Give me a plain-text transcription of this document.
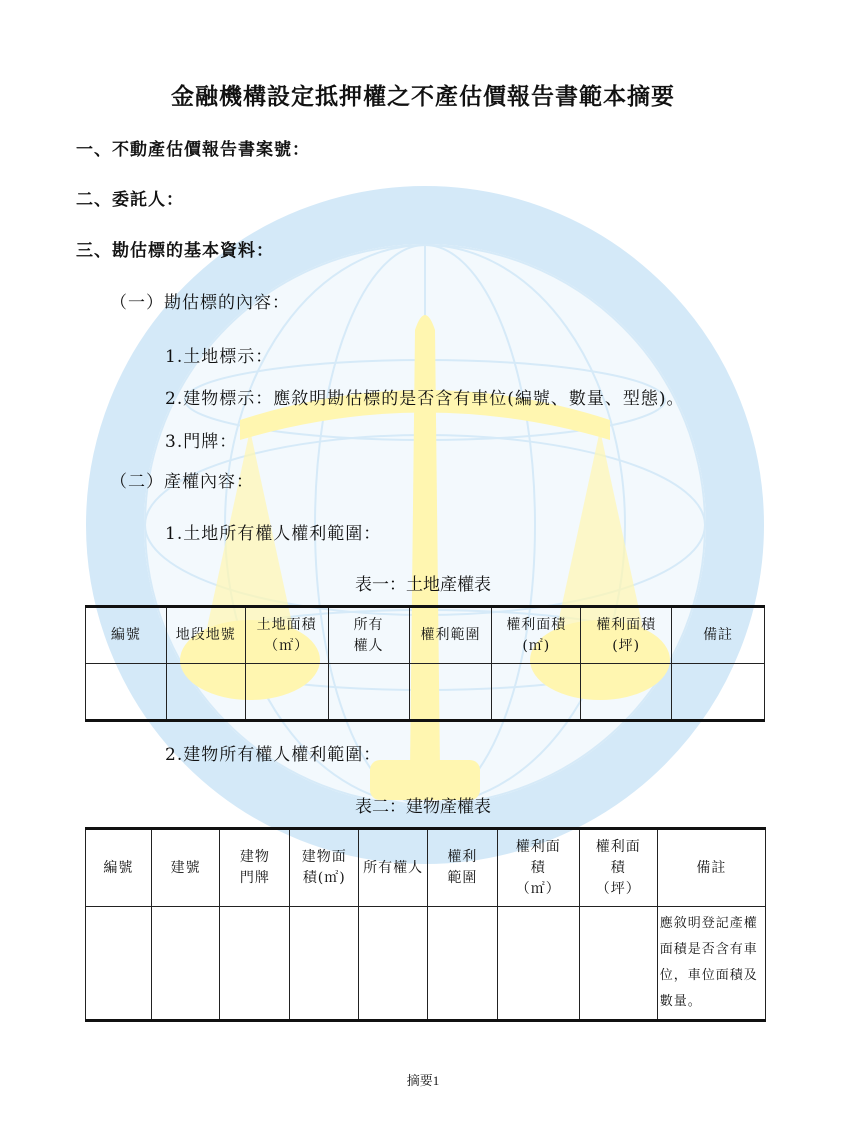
金融機構設定抵押權之不產估價報告書範本摘要
一、不動產估價報告書案號：
二、委託人：
三、勘估標的基本資料：
（一）勘估標的內容：
1.土地標示：
2.建物標示：應敘明勘估標的是否含有車位(編號、數量、型態)。
3.門牌：
（二）產權內容：
1.土地所有權人權利範圍：
表一：土地產權表
編號	地段地號	土地面積（㎡）	所有權人	權利範圍	權利面積(㎡)	權利面積(坪)	備註

2.建物所有權人權利範圍：
表二：建物產權表
編號	建號	建物門牌	建物面積(㎡)	所有權人	權利範圍	權利面積（㎡）	權利面積（坪）	備註
								應敘明登記產權面積是否含有車位，車位面積及數量。
摘要1
